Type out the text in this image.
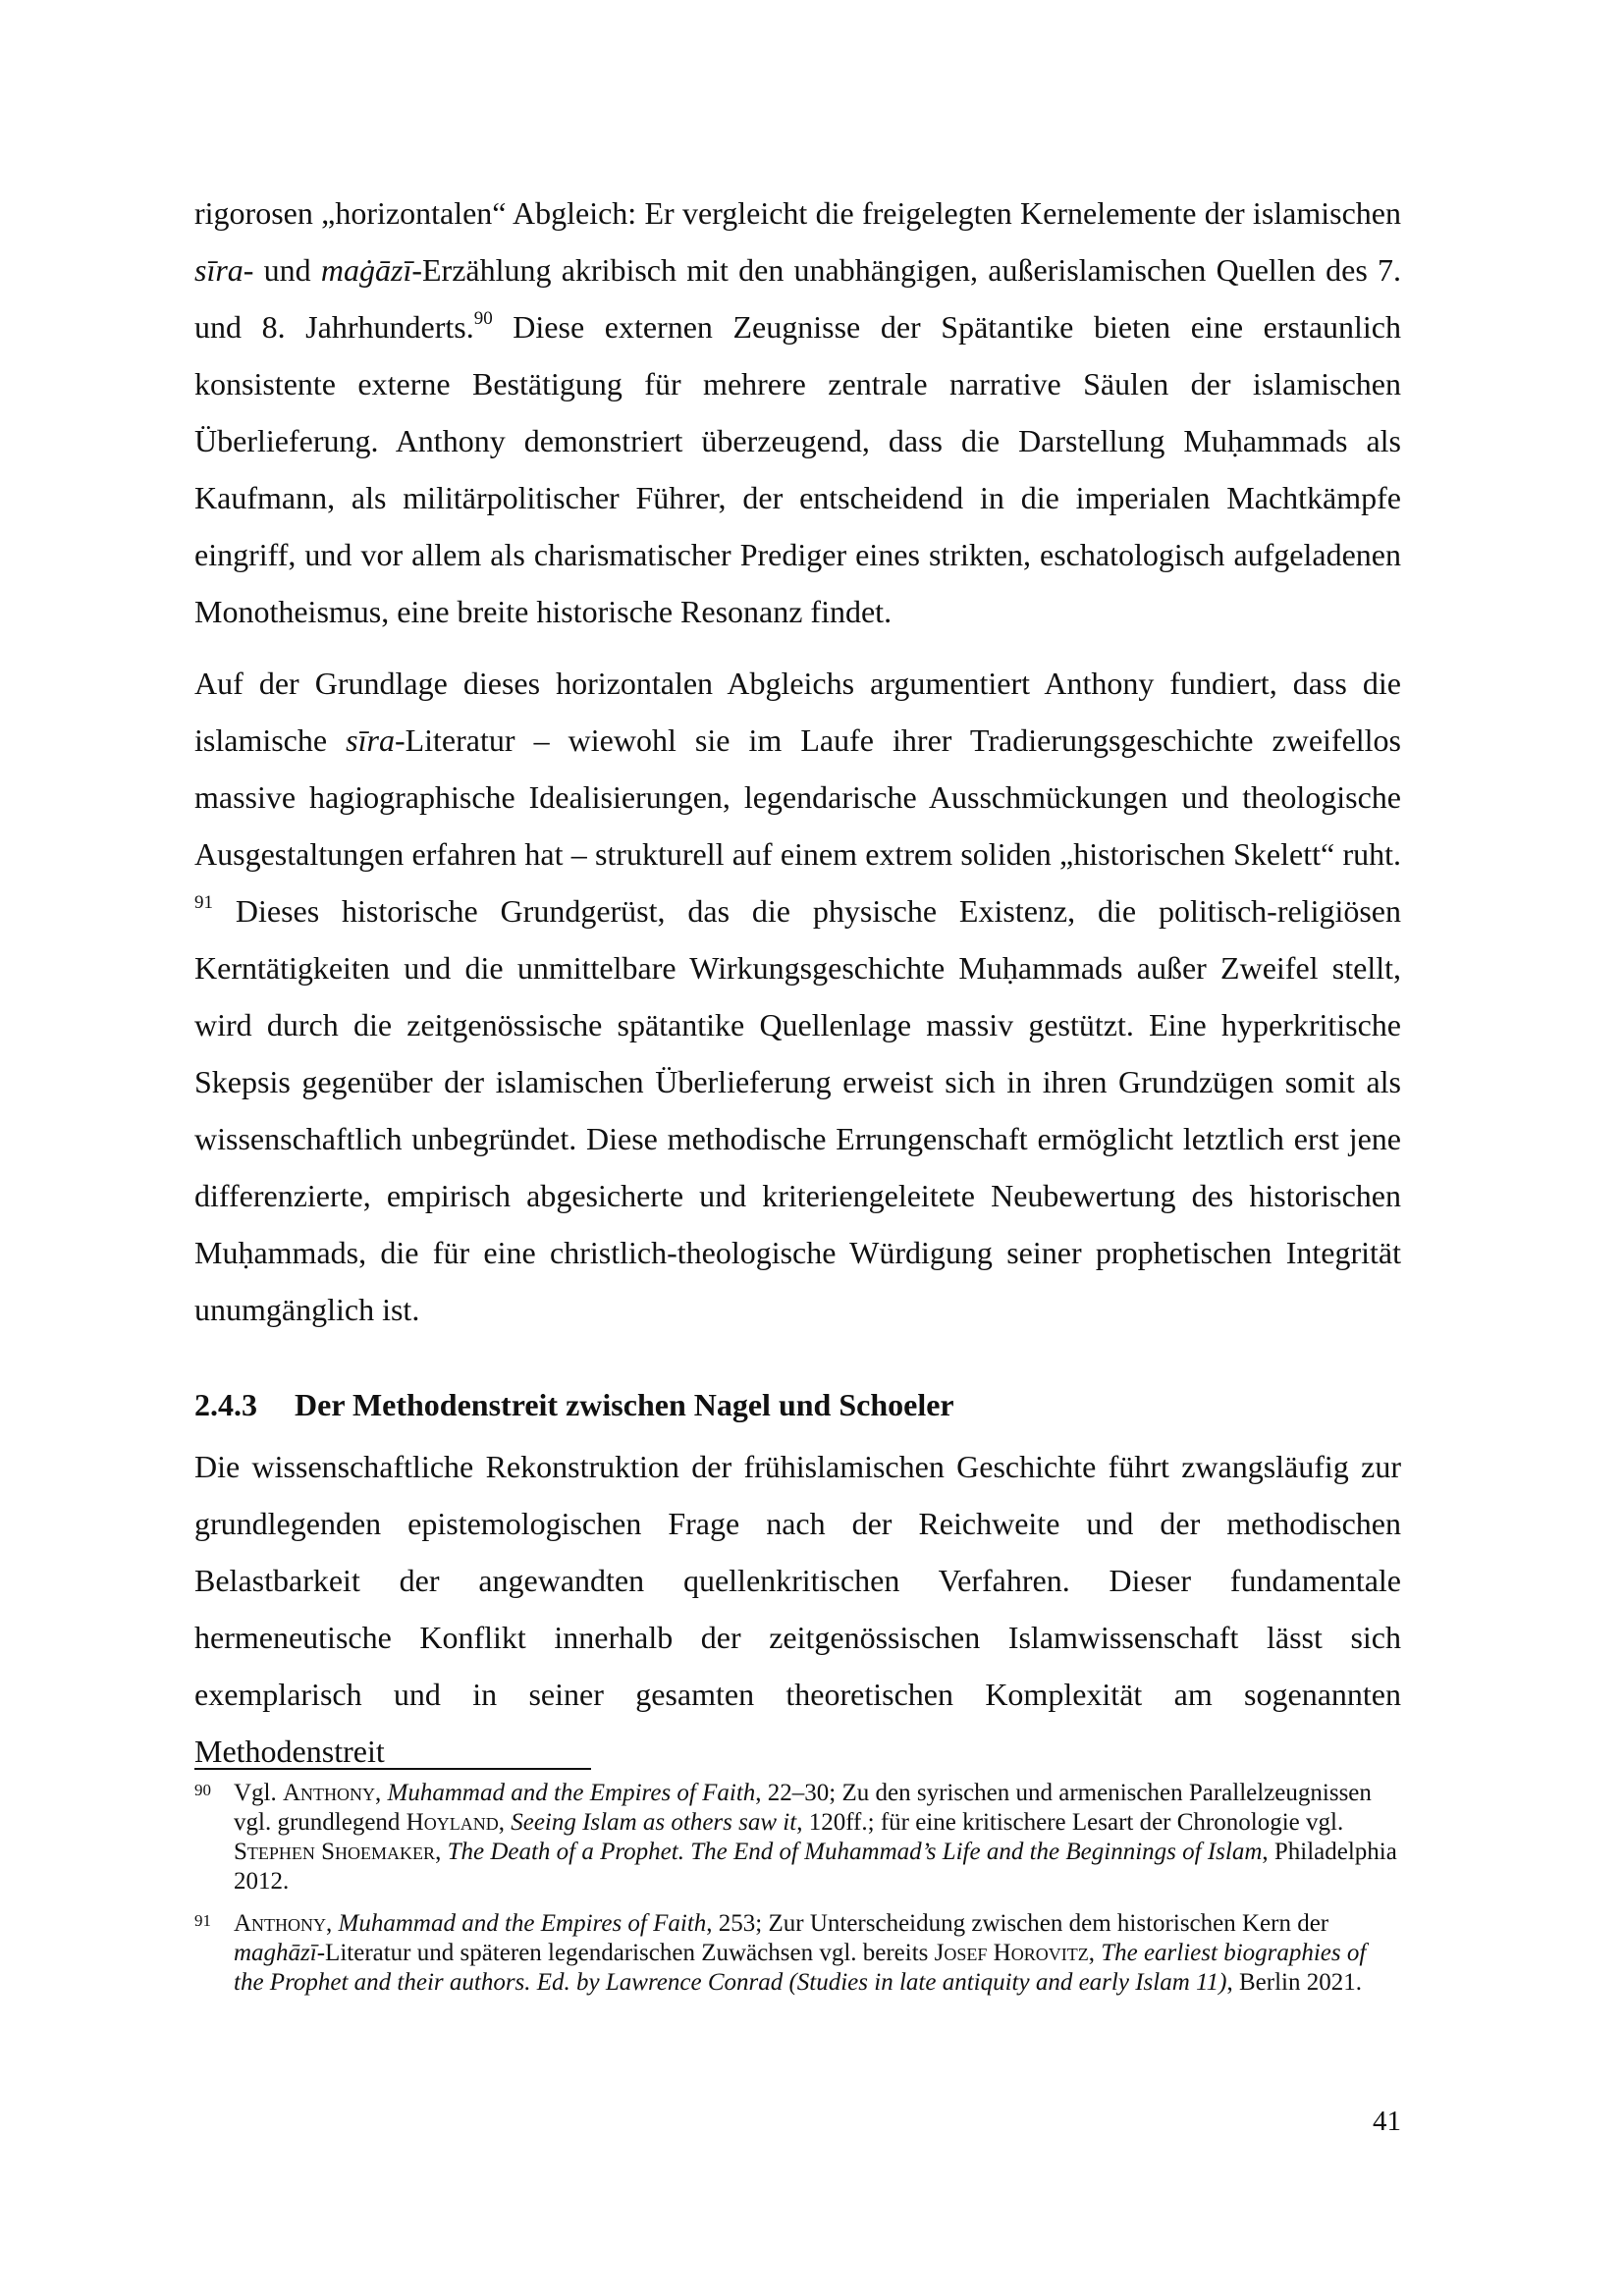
rigorosen „horizontalen“ Abgleich: Er vergleicht die freigelegten Kernelemente der islamischen sīra- und maġāzī-Erzählung akribisch mit den unabhängigen, außerislamischen Quellen des 7. und 8. Jahrhunderts.$^{90}$ Diese externen Zeugnisse der Spätantike bieten eine erstaunlich konsistente externe Bestätigung für mehrere zentrale narrative Säulen der islamischen Überlieferung. Anthony demonstriert überzeugend, dass die Darstellung Muḥammads als Kaufmann, als militärpolitischer Führer, der entscheidend in die imperialen Machtkämpfe eingriff, und vor allem als charismatischer Prediger eines strikten, eschatologisch aufgeladenen Monotheismus, eine breite historische Resonanz findet.

Auf der Grundlage dieses horizontalen Abgleichs argumentiert Anthony fundiert, dass die islamische sīra-Literatur – wiewohl sie im Laufe ihrer Tradierungsgeschichte zweifellos massive hagiographische Idealisierungen, legendarische Ausschmückungen und theologische Ausgestaltungen erfahren hat – strukturell auf einem extrem soliden „historischen Skelett“ ruht. $^{91}$ Dieses historische Grundgerüst, das die physische Existenz, die politisch-religiösen Kerntätigkeiten und die unmittelbare Wirkungsgeschichte Muḥammads außer Zweifel stellt, wird durch die zeitgenössische spätantike Quellenlage massiv gestützt. Eine hyperkritische Skepsis gegenüber der islamischen Überlieferung erweist sich in ihren Grundzügen somit als wissenschaftlich unbegründet. Diese methodische Errungenschaft ermöglicht letztlich erst jene differenzierte, empirisch abgesicherte und kriteriengeleitete Neubewertung des historischen Muḥammads, die für eine christlich-theologische Würdigung seiner prophetischen Integrität unumgänglich ist.

2.4.3 Der Methodenstreit zwischen Nagel und Schoeler

Die wissenschaftliche Rekonstruktion der frühislamischen Geschichte führt zwangsläufig zur grundlegenden epistemologischen Frage nach der Reichweite und der methodischen Belastbarkeit der angewandten quellenkritischen Verfahren. Dieser fundamentale hermeneutische Konflikt innerhalb der zeitgenössischen Islamwissenschaft lässt sich exemplarisch und in seiner gesamten theoretischen Komplexität am sogenannten Methodenstreit

90 Vgl. Anthony, Muhammad and the Empires of Faith, 22–30; Zu den syrischen und armenischen Parallelzeugnissen vgl. grundlegend Hoyland, Seeing Islam as others saw it, 120ff.; für eine kritischere Lesart der Chronologie vgl. Stephen Shoemaker, The Death of a Prophet. The End of Muhammad’s Life and the Beginnings of Islam, Philadelphia 2012.

91 Anthony, Muhammad and the Empires of Faith, 253; Zur Unterscheidung zwischen dem historischen Kern der maghāzī-Literatur und späteren legendarischen Zuwächsen vgl. bereits Josef Horovitz, The earliest biographies of the Prophet and their authors. Ed. by Lawrence Conrad (Studies in late antiquity and early Islam 11), Berlin 2021.

41
